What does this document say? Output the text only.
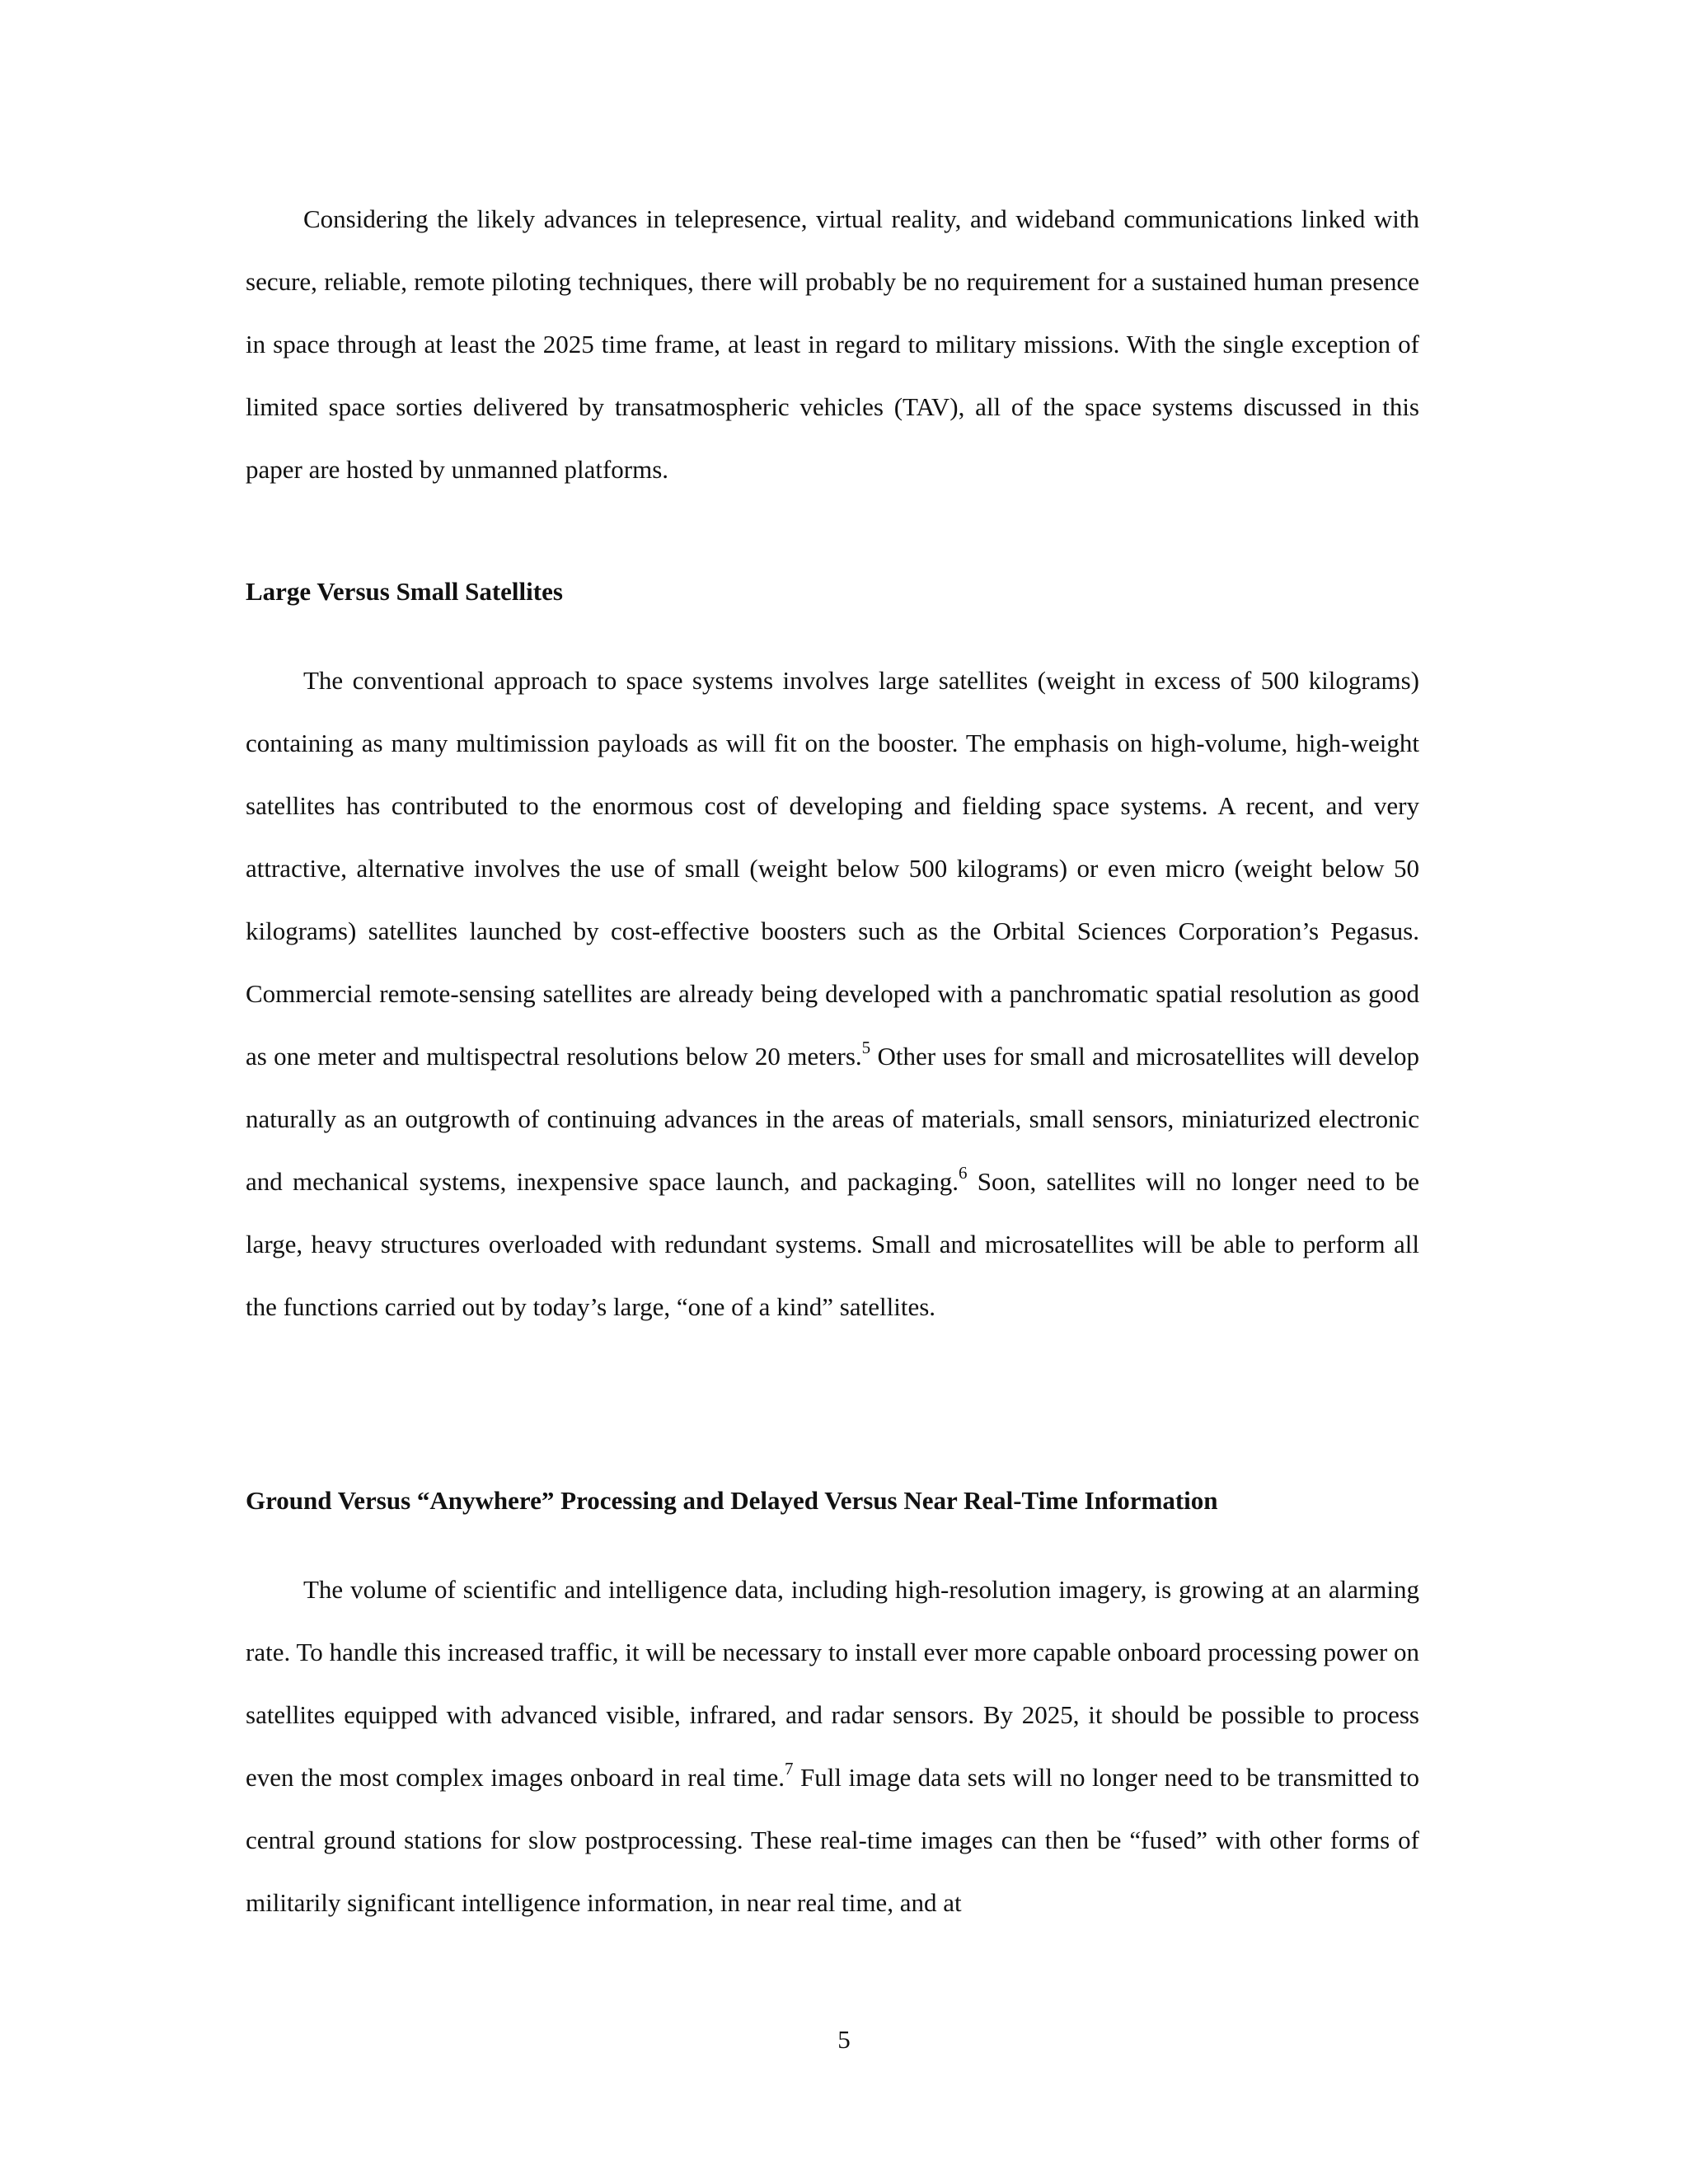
Considering the likely advances in telepresence, virtual reality, and wideband communications linked with secure, reliable, remote piloting techniques, there will probably be no requirement for a sustained human presence in space through at least the 2025 time frame, at least in regard to military missions. With the single exception of limited space sorties delivered by transatmospheric vehicles (TAV), all of the space systems discussed in this paper are hosted by unmanned platforms.

Large Versus Small Satellites

The conventional approach to space systems involves large satellites (weight in excess of 500 kilograms) containing as many multimission payloads as will fit on the booster. The emphasis on high-volume, high-weight satellites has contributed to the enormous cost of developing and fielding space systems. A recent, and very attractive, alternative involves the use of small (weight below 500 kilograms) or even micro (weight below 50 kilograms) satellites launched by cost-effective boosters such as the Orbital Sciences Corporation’s Pegasus. Commercial remote-sensing satellites are already being developed with a panchromatic spatial resolution as good as one meter and multispectral resolutions below 20 meters.$^5$ Other uses for small and microsatellites will develop naturally as an outgrowth of continuing advances in the areas of materials, small sensors, miniaturized electronic and mechanical systems, inexpensive space launch, and packaging.$^6$ Soon, satellites will no longer need to be large, heavy structures overloaded with redundant systems. Small and microsatellites will be able to perform all the functions carried out by today’s large, “one of a kind” satellites.

Ground Versus “Anywhere” Processing and Delayed Versus Near Real-Time Information

The volume of scientific and intelligence data, including high-resolution imagery, is growing at an alarming rate. To handle this increased traffic, it will be necessary to install ever more capable onboard processing power on satellites equipped with advanced visible, infrared, and radar sensors. By 2025, it should be possible to process even the most complex images onboard in real time.$^7$ Full image data sets will no longer need to be transmitted to central ground stations for slow postprocessing. These real-time images can then be “fused” with other forms of militarily significant intelligence information, in near real time, and at

5
